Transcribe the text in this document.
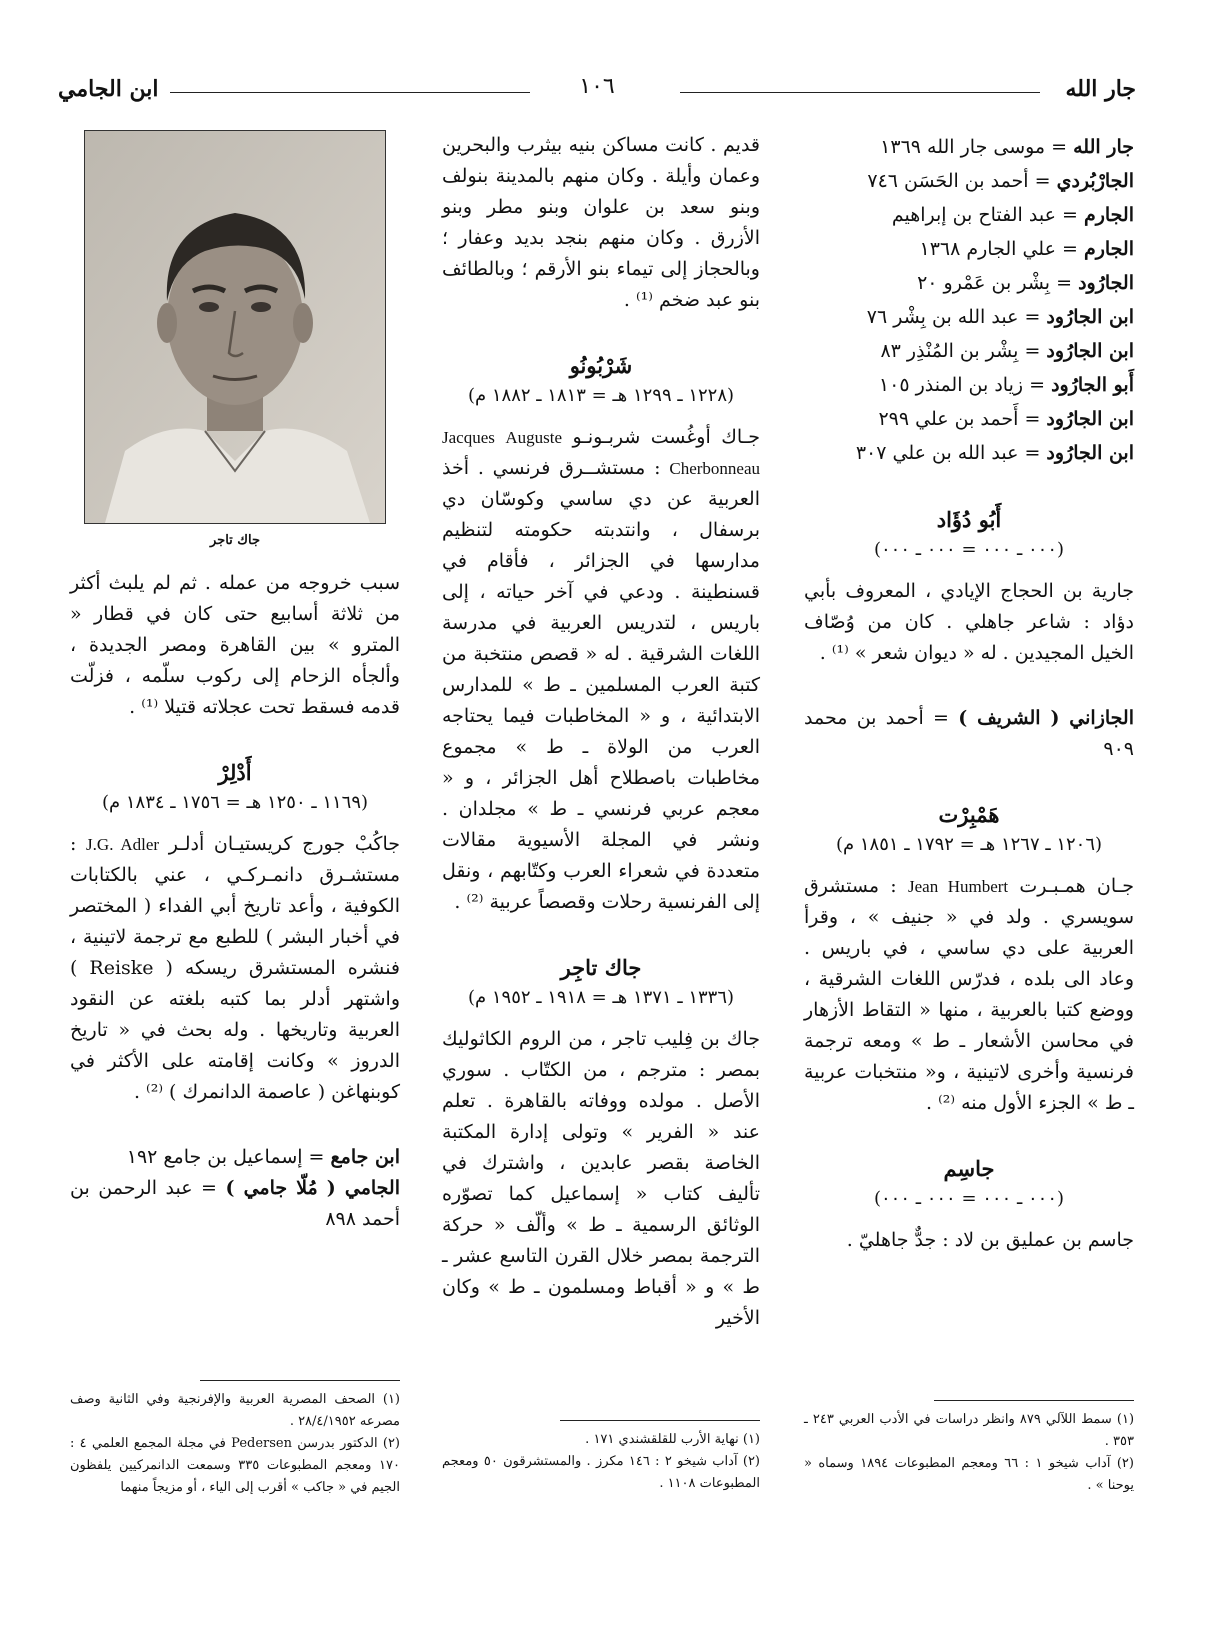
جار الله
١٠٦
ابن الجامي

جار الله = موسى جار الله ١٣٦٩

الجارْبُردي = أحمد بن الحَسَن ٧٤٦

الجارم = عبد الفتاح بن إبراهيم

الجارم = علي الجارم ١٣٦٨

الجارُود = بِشْر بن عَمْرو ٢٠

ابن الجارُود = عبد الله بن بِشْر ٧٦

ابن الجارُود = بِشْر بن المُنْذِر ٨٣

أَبو الجارُود = زياد بن المنذر ١٠٥

ابن الجارُود = أَحمد بن علي ٢٩٩

ابن الجارُود = عبد الله بن علي ٣٠٧

أَبُو دُؤَاد

(٠٠٠ ـ ٠٠٠ = ٠٠٠ ـ ٠٠٠)

جارية بن الحجاج الإيادي ، المعروف بأبي دؤاد : شاعر جاهلي . كان من وُصّاف الخيل المجيدين . له « ديوان شعر » ⁽¹⁾ .

الجازاني ( الشريف ) = أحمد بن محمد ٩٠٩

هَمْبِرْت

(١٢٠٦ ـ ١٢٦٧ هـ = ١٧٩٢ ـ ١٨٥١ م)

جـان همـبـرت Jean Humbert : مستشرق سويسري . ولد في « جنيف » ، وقرأ العربية على دي ساسي ، في باريس . وعاد الى بلده ، فدرّس اللغات الشرقية ، ووضع كتبا بالعربية ، منها « التقاط الأزهار في محاسن الأشعار ـ ط » ومعه ترجمة فرنسية وأخرى لاتينية ، و« منتخبات عربية ـ ط » الجزء الأول منه ⁽²⁾ .

جاسِم

(٠٠٠ ـ ٠٠٠ = ٠٠٠ ـ ٠٠٠)

جاسم بن عمليق بن لاد : جدٌّ جاهليّ .

(١) سمط اللآلي ٨٧٩ وانظر دراسات في الأدب العربي ٢٤٣ ـ ٣٥٣ .

(٢) آداب شيخو ١ : ٦٦ ومعجم المطبوعات ١٨٩٤ وسماه « يوحنا » .

قديم . كانت مساكن بنيه بيثرب والبحرين وعمان وأيلة . وكان منهم بالمدينة بنولف وبنو سعد بن علوان وبنو مطر وبنو الأزرق . وكان منهم بنجد بديد وعفار ؛ وبالحجاز إلى تيماء بنو الأرقم ؛ وبالطائف بنو عبد ضخم ⁽¹⁾ .

شَرْبُونُو

(١٢٢٨ ـ ١٢٩٩ هـ = ١٨١٣ ـ ١٨٨٢ م)

جـاك أوغُست شربـونـو Jacques Auguste Cherbonneau : مستشــرق فرنسي . أخذ العربية عن دي ساسي وكوسّان دي برسفال ، وانتدبته حكومته لتنظيم مدارسها في الجزائر ، فأقام في قسنطينة . ودعي في آخر حياته ، إلى باريس ، لتدريس العربية في مدرسة اللغات الشرقية . له « قصص منتخبة من كتبة العرب المسلمين ـ ط » للمدارس الابتدائية ، و « المخاطبات فيما يحتاجه العرب من الولاة ـ ط » مجموع مخاطبات باصطلاح أهل الجزائر ، و « معجم عربي فرنسي ـ ط » مجلدان . ونشر في المجلة الأسيوية مقالات متعددة في شعراء العرب وكتّابهم ، ونقل إلى الفرنسية رحلات وقصصاً عربية ⁽²⁾ .

جاك تاجِر

(١٣٣٦ ـ ١٣٧١ هـ = ١٩١٨ ـ ١٩٥٢ م)

جاك بن فِليب تاجر ، من الروم الكاثوليك بمصر : مترجم ، من الكتّاب . سوري الأصل . مولده ووفاته بالقاهرة . تعلم عند « الفرير » وتولى إدارة المكتبة الخاصة بقصر عابدين ، واشترك في تأليف كتاب « إسماعيل كما تصوّره الوثائق الرسمية ـ ط » وألّف « حركة الترجمة بمصر خلال القرن التاسع عشر ـ ط » و « أقباط ومسلمون ـ ط » وكان الأخير

(١) نهاية الأرب للقلقشندي ١٧١ .

(٢) آداب شيخو ٢ : ١٤٦ مكرز . والمستشرقون ٥٠ ومعجم المطبوعات ١١٠٨ .

جاك تاجر

سبب خروجه من عمله . ثم لم يلبث أكثر من ثلاثة أسابيع حتى كان في قطار « المترو » بين القاهرة ومصر الجديدة ، وألجأه الزحام إلى ركوب سلّمه ، فزلّت قدمه فسقط تحت عجلاته قتيلا ⁽¹⁾ .

أَدْلِرْ

(١١٦٩ ـ ١٢٥٠ هـ = ١٧٥٦ ـ ١٨٣٤ م)

جاكُبْ جورج كريستيـان أدلـر J.G. Adler : مستشـرق دانمـركـي ، عني بالكتابات الكوفية ، وأعد تاريخ أبي الفداء ( المختصر في أخبار البشر ) للطبع مع ترجمة لاتينية ، فنشره المستشرق ريسكه ( Reiske ) واشتهر أدلر بما كتبه بلغته عن النقود العربية وتاريخها . وله بحث في « تاريخ الدروز » وكانت إقامته على الأكثر في كوبنهاغن ( عاصمة الدانمرك ) ⁽²⁾ .

ابن جامع = إسماعيل بن جامع ١٩٢

الجامي ( مُلّا جامي ) = عبد الرحمن بن أحمد ٨٩٨

(١) الصحف المصرية العربية والإفرنجية وفي الثانية وصف مصرعه ٢٨/٤/١٩٥٢ .

(٢) الدكتور بدرسن Pedersen في مجلة المجمع العلمي ٤ : ١٧٠ ومعجم المطبوعات ٣٣٥ وسمعت الدانمركيين يلفظون الجيم في « جاكب » أقرب إلى الياء ، أو مزيجاً منهما
